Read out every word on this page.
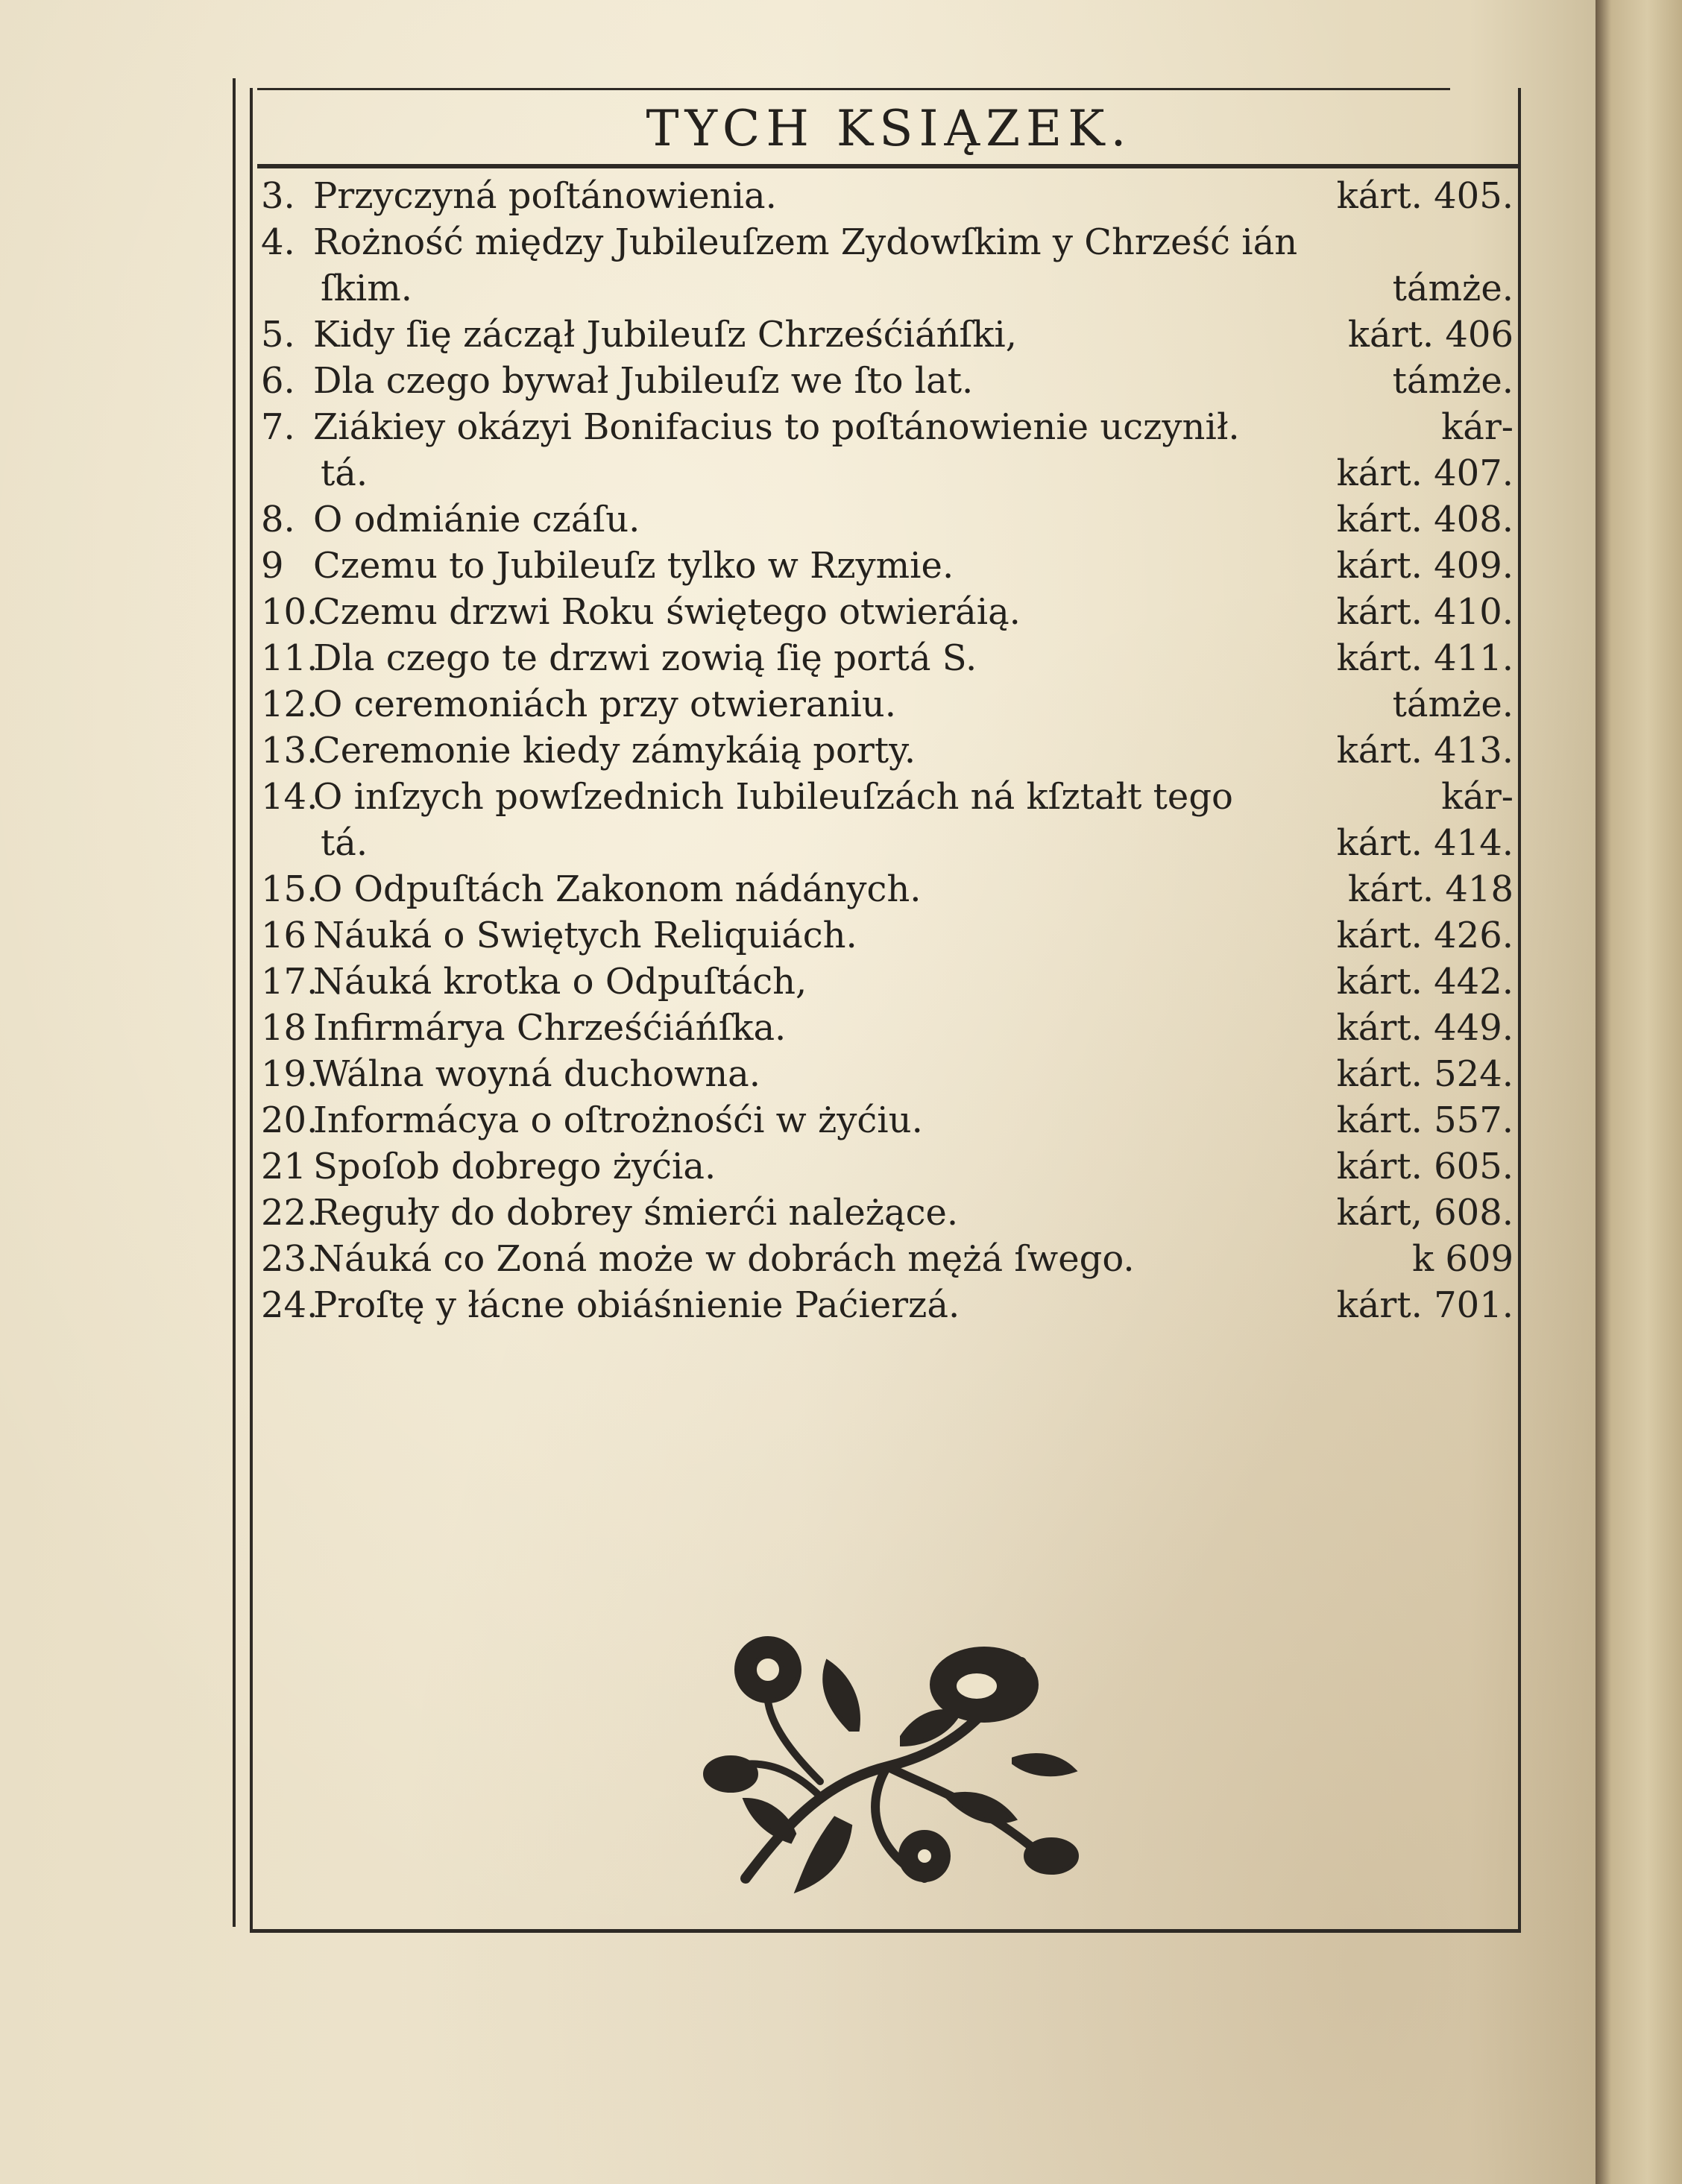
TYCH KSIĄZEK.
3. Przyczyná poſtánowienia.	kárt. 405.
4. Rożność między Jubileuſzem Zydowſkim y Chrześć ián
ſkim.	támże.
5. Kidy ſię záczął Jubileuſz Chrześćiáńſki,	kárt. 406
6. Dla czego bywał Jubileuſz we ſto lat.	támże.
7. Ziákiey okázyi Bonifacius to poſtánowienie uczynił.	kár-
tá.	kárt. 407.
8. O odmiánie czáſu.	kárt. 408.
9 Czemu to Jubileuſz tylko w Rzymie.	kárt. 409.
10.Czemu drzwi Roku świętego otwieráią.	kárt. 410.
11.Dla czego te drzwi zowią ſię portá S.	kárt. 411.
12.O ceremoniách przy otwieraniu.	támże.
13.Ceremonie kiedy zámykáią porty.	kárt. 413.
14.O inſzych powſzednich Iubileuſzách ná kſztałt tego	kár-
tá.	kárt. 414.
15.O Odpuſtách Zakonom nádánych.	kárt. 418
16 Náuká o Swiętych Reliquiách.	kárt. 426.
17.Náuká krotka o Odpuſtách,	kárt. 442.
18 Infirmárya Chrześćiáńſka.	kárt. 449.
19.Wálna woyná duchowna.	kárt. 524.
20.Informácya o oſtrożnośći w żyćiu.	kárt. 557.
21 Spoſob dobrego żyćia.	kárt. 605.
22.Reguły do dobrey śmierći należące.	kárt, 608.
23.Náuká co Zoná może w dobrách mężá ſwego.	k 609
24.Proſtę y łácne obiáśnienie Paćierzá.	kárt. 701.
